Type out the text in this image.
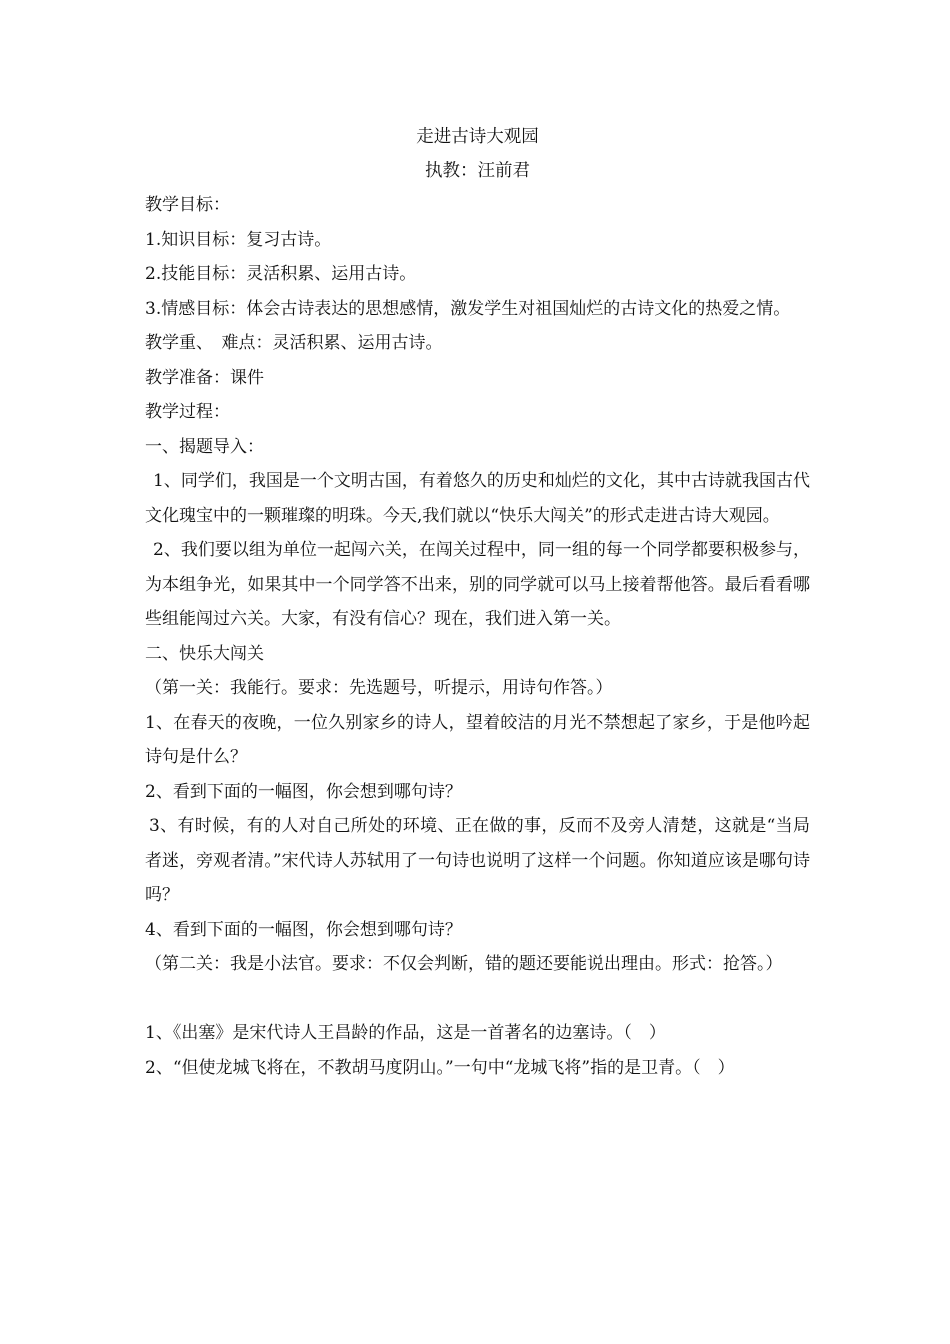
走进古诗大观园
执教：汪前君

教学目标：

1.知识目标：复习古诗。

2.技能目标：灵活积累、运用古诗。

3.情感目标：体会古诗表达的思想感情，激发学生对祖国灿烂的古诗文化的热爱之情。

教学重、　难点：灵活积累、运用古诗。

教学准备：课件

教学过程：

一、揭题导入：

1、同学们，我国是一个文明古国，有着悠久的历史和灿烂的文化，其中古诗就我国古代文化瑰宝中的一颗璀璨的明珠。今天,我们就以“快乐大闯关”的形式走进古诗大观园。

2、我们要以组为单位一起闯六关，在闯关过程中，同一组的每一个同学都要积极参与，为本组争光，如果其中一个同学答不出来，别的同学就可以马上接着帮他答。最后看看哪些组能闯过六关。大家，有没有信心？现在，我们进入第一关。

二、快乐大闯关

（第一关：我能行。要求：先选题号，听提示，用诗句作答。）

1、在春天的夜晚，一位久别家乡的诗人，望着皎洁的月光不禁想起了家乡，于是他吟起诗句是什么？

2、看到下面的一幅图，你会想到哪句诗？

3、有时候，有的人对自己所处的环境、正在做的事，反而不及旁人清楚，这就是“当局者迷，旁观者清。”宋代诗人苏轼用了一句诗也说明了这样一个问题。你知道应该是哪句诗吗？

4、看到下面的一幅图，你会想到哪句诗？

（第二关：我是小法官。要求：不仅会判断，错的题还要能说出理由。形式：抢答。）

1、《出塞》是宋代诗人王昌龄的作品，这是一首著名的边塞诗。（　）

2、“但使龙城飞将在，不教胡马度阴山。”一句中“龙城飞将”指的是卫青。（　）
